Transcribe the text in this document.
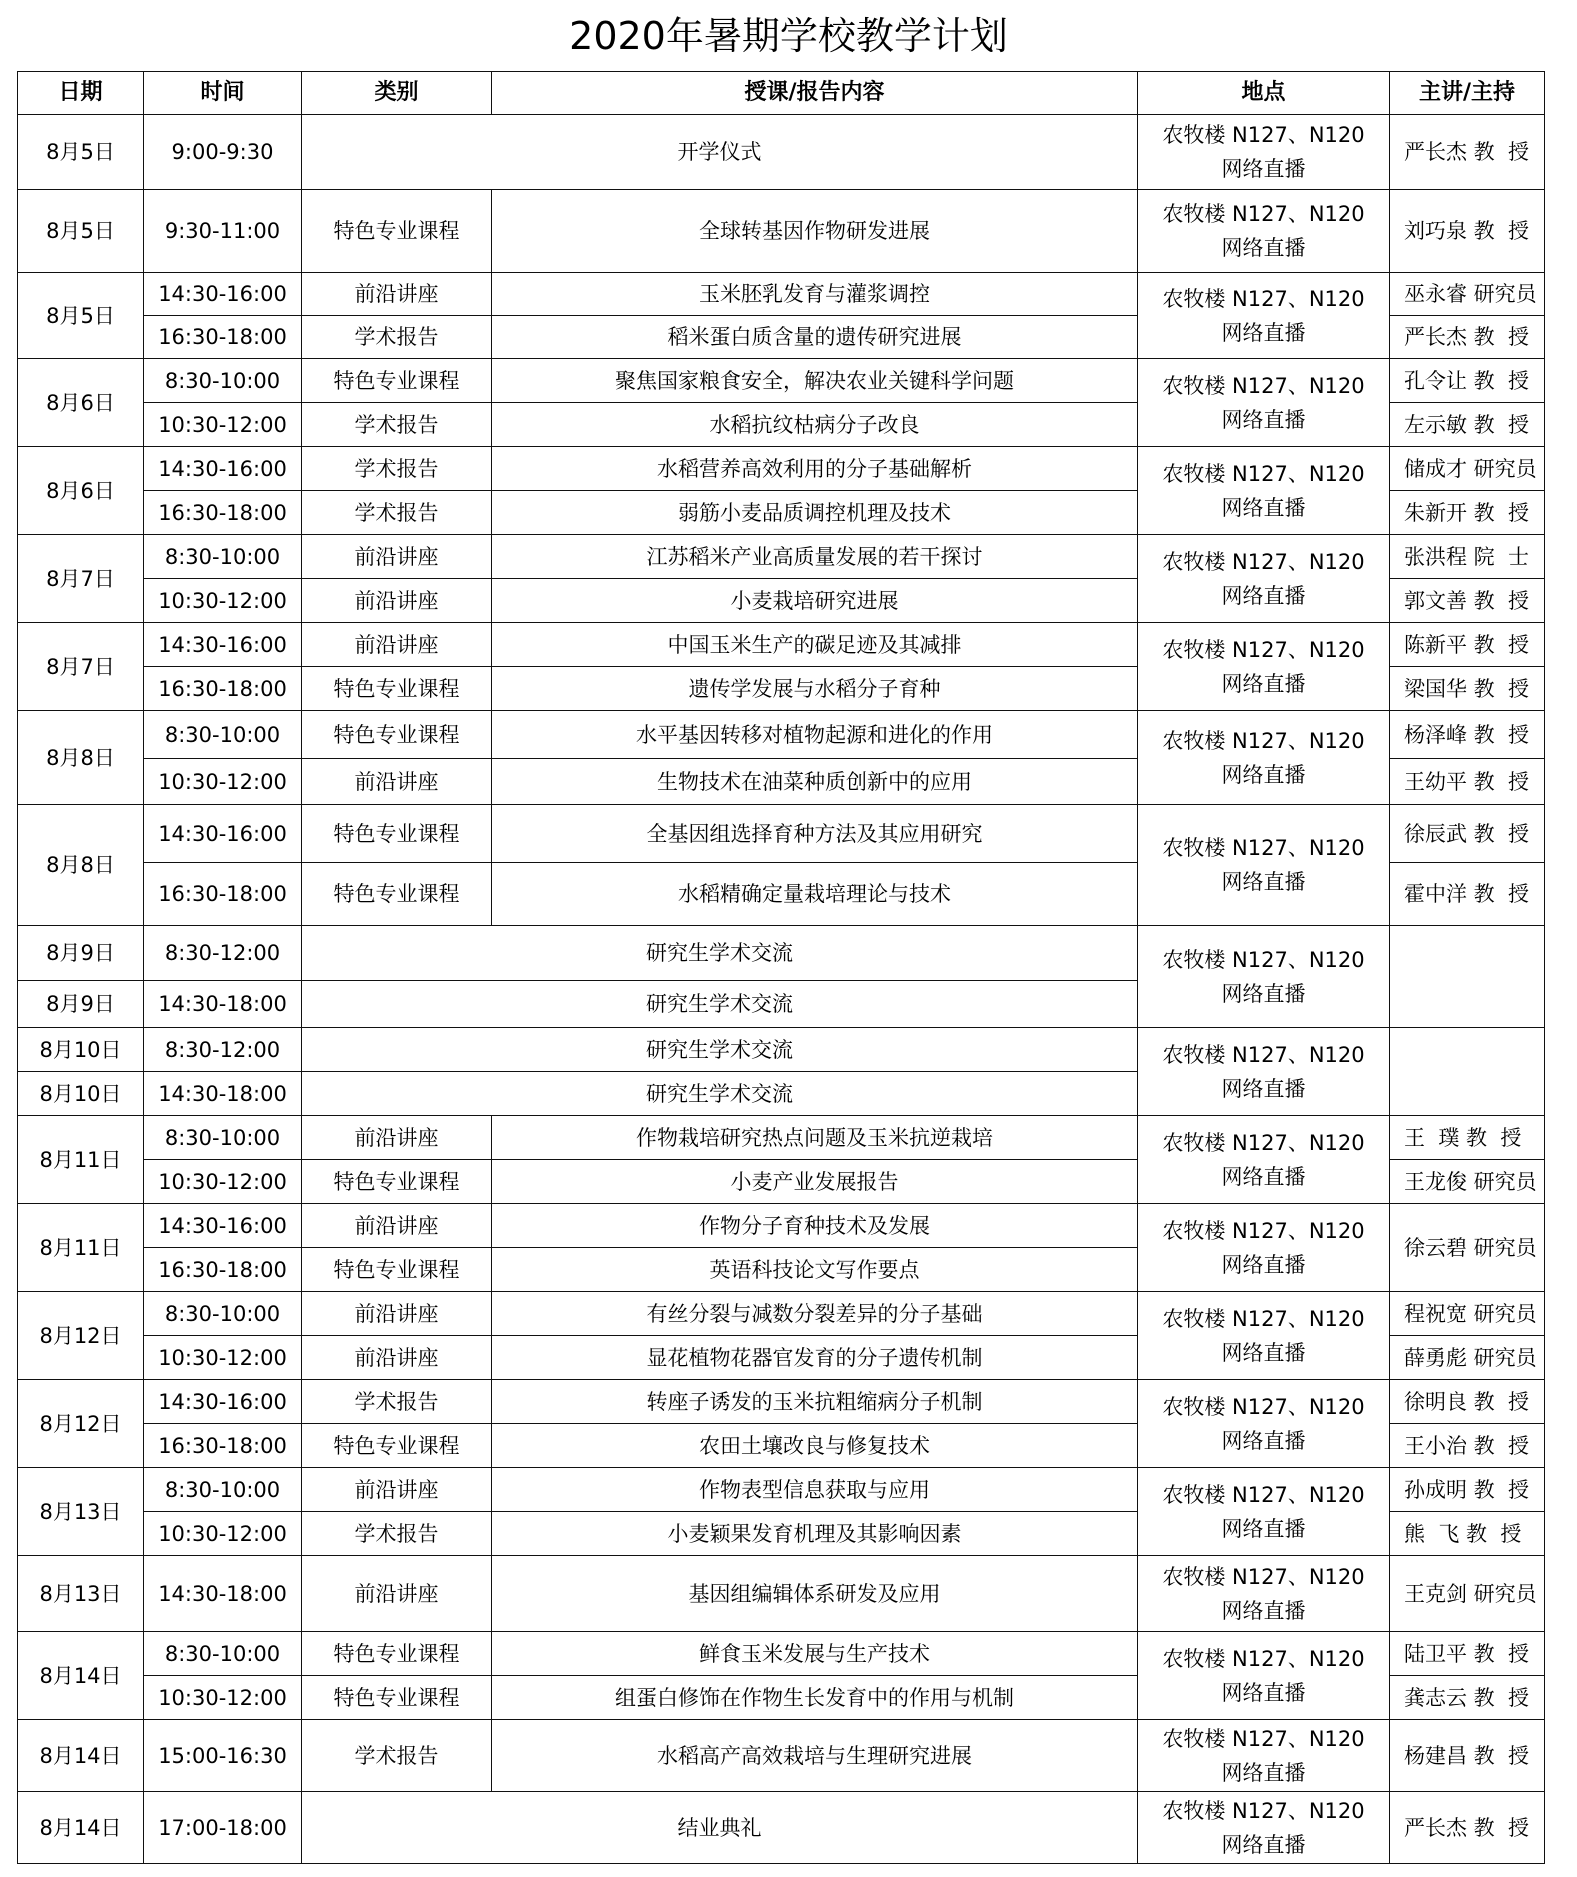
2020年暑期学校教学计划
日期	时间	类别	授课/报告内容	地点	主讲/主持
8月5日	9:00-9:30	开学仪式		农牧楼 N127、N120
网络直播	严长杰 教  授
8月5日	9:30-11:00	特色专业课程	全球转基因作物研发进展	农牧楼 N127、N120
网络直播	刘巧泉 教  授
8月5日	14:30-16:00	前沿讲座	玉米胚乳发育与灌浆调控	农牧楼 N127、N120
网络直播	巫永睿 研究员
	16:30-18:00	学术报告	稻米蛋白质含量的遗传研究进展		严长杰 教  授
8月6日	8:30-10:00	特色专业课程	聚焦国家粮食安全，解决农业关键科学问题	农牧楼 N127、N120
网络直播	孔令让 教  授
	10:30-12:00	学术报告	水稻抗纹枯病分子改良		左示敏 教  授
8月6日	14:30-16:00	学术报告	水稻营养高效利用的分子基础解析	农牧楼 N127、N120
网络直播	储成才 研究员
	16:30-18:00	学术报告	弱筋小麦品质调控机理及技术		朱新开 教  授
8月7日	8:30-10:00	前沿讲座	江苏稻米产业高质量发展的若干探讨	农牧楼 N127、N120
网络直播	张洪程 院  士
	10:30-12:00	前沿讲座	小麦栽培研究进展		郭文善 教  授
8月7日	14:30-16:00	前沿讲座	中国玉米生产的碳足迹及其减排	农牧楼 N127、N120
网络直播	陈新平 教  授
	16:30-18:00	特色专业课程	遗传学发展与水稻分子育种		梁国华 教  授
8月8日	8:30-10:00	特色专业课程	水平基因转移对植物起源和进化的作用	农牧楼 N127、N120
网络直播	杨泽峰 教  授
	10:30-12:00	前沿讲座	生物技术在油菜种质创新中的应用		王幼平 教  授
8月8日	14:30-16:00	特色专业课程	全基因组选择育种方法及其应用研究	农牧楼 N127、N120
网络直播	徐辰武 教  授
	16:30-18:00	特色专业课程	水稻精确定量栽培理论与技术		霍中洋 教  授
8月9日	8:30-12:00	研究生学术交流		农牧楼 N127、N120
网络直播	

8月9日	14:30-18:00	研究生学术交流			
8月10日	8:30-12:00	研究生学术交流		农牧楼 N127、N120
网络直播	

8月10日	14:30-18:00	研究生学术交流			
8月11日	8:30-10:00	前沿讲座	作物栽培研究热点问题及玉米抗逆栽培	农牧楼 N127、N120
网络直播	王  璞 教  授
	10:30-12:00	特色专业课程	小麦产业发展报告		王龙俊 研究员
8月11日	14:30-16:00	前沿讲座	作物分子育种技术及发展	农牧楼 N127、N120
网络直播	徐云碧 研究员
	16:30-18:00	特色专业课程	英语科技论文写作要点		
8月12日	8:30-10:00	前沿讲座	有丝分裂与减数分裂差异的分子基础	农牧楼 N127、N120
网络直播	程祝宽 研究员
	10:30-12:00	前沿讲座	显花植物花器官发育的分子遗传机制		薛勇彪 研究员
8月12日	14:30-16:00	学术报告	转座子诱发的玉米抗粗缩病分子机制	农牧楼 N127、N120
网络直播	徐明良 教  授
	16:30-18:00	特色专业课程	农田土壤改良与修复技术		王小治 教  授
8月13日	8:30-10:00	前沿讲座	作物表型信息获取与应用	农牧楼 N127、N120
网络直播	孙成明 教  授
	10:30-12:00	学术报告	小麦颖果发育机理及其影响因素		熊  飞 教  授
8月13日	14:30-18:00	前沿讲座	基因组编辑体系研发及应用	农牧楼 N127、N120
网络直播	王克剑 研究员
8月14日	8:30-10:00	特色专业课程	鲜食玉米发展与生产技术	农牧楼 N127、N120
网络直播	陆卫平 教  授
	10:30-12:00	特色专业课程	组蛋白修饰在作物生长发育中的作用与机制		龚志云 教  授
8月14日	15:00-16:30	学术报告	水稻高产高效栽培与生理研究进展	农牧楼 N127、N120
网络直播	杨建昌 教  授
8月14日	17:00-18:00	结业典礼		农牧楼 N127、N120
网络直播	严长杰 教  授
